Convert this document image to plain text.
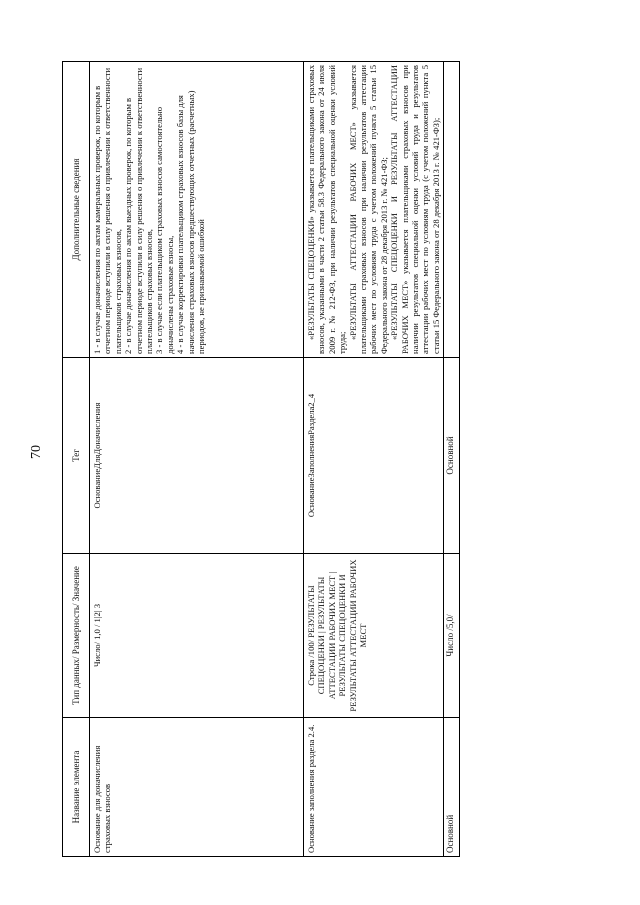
70
Название элемента	Тип данных/ Размерность/ Значение	Тег	Дополнительные сведения
Основание для доначисления страховых взносов	Число/ 1,0 / 1|2| 3	ОснованиеДляДоначисления	1 - в случае доначисления по актам камеральных проверок, по которым в отчетном периоде вступили в силу решения о привлечении к ответственности плательщиков страховых взносов, 2 - в случае доначисления по актам выездных проверок, по которым в отчетном периоде вступили в силу решения о привлечении к ответственности плательщиков страховых взносов, 3 - в случае если плательщиком страховых взносов самостоятельно доначислены страховые взносы, 4 - в случае корректировки плательщиком страховых взносов базы для начисления страховых взносов предшествующих отчетных (расчетных) периодов, не признаваемой ошибкой

Основание заполнения раздела 2.4.	Строка /100/ РЕЗУЛЬТАТЫ СПЕЦОЦЕНКИ | РЕЗУЛЬТАТЫ АТТЕСТАЦИИ РАБОЧИХ МЕСТ | РЕЗУЛЬТАТЫ СПЕЦОЦЕНКИ И РЕЗУЛЬТАТЫ АТТЕСТАЦИИ РАБОЧИХ МЕСТ	ОснованиеЗаполненияРаздела2_4	«РЕЗУЛЬТАТЫ СПЕЦОЦЕНКИ» указывается плательщиками страховых взносов, указанными в части 2 статьи 58.3 Федерального закона от 24 июля 2009 г. № 212-ФЗ, при наличии результатов специальной оценки условий труда;

«РЕЗУЛЬТАТЫ АТТЕСТАЦИИ РАБОЧИХ МЕСТ» указывается плательщиками страховых взносов при наличии результатов аттестации рабочих мест по условиям труда с учетом положений пункта 5 статьи 15 Федерального закона от 28 декабря 2013 г. № 421-ФЗ; «РЕЗУЛЬТАТЫ СПЕЦОЦЕНКИ И РЕЗУЛЬТАТЫ АТТЕСТАЦИИ РАБОЧИХ МЕСТ» указывается плательщиками страховых взносов при наличии результатов специальной оценки условий труда и результатов аттестации рабочих мест по условиям труда (с учетом положений пункта 5 статьи 15 Федерального закона от 28 декабря 2013 г. № 421-ФЗ);

Основной	Число /5,0/	Основной	
